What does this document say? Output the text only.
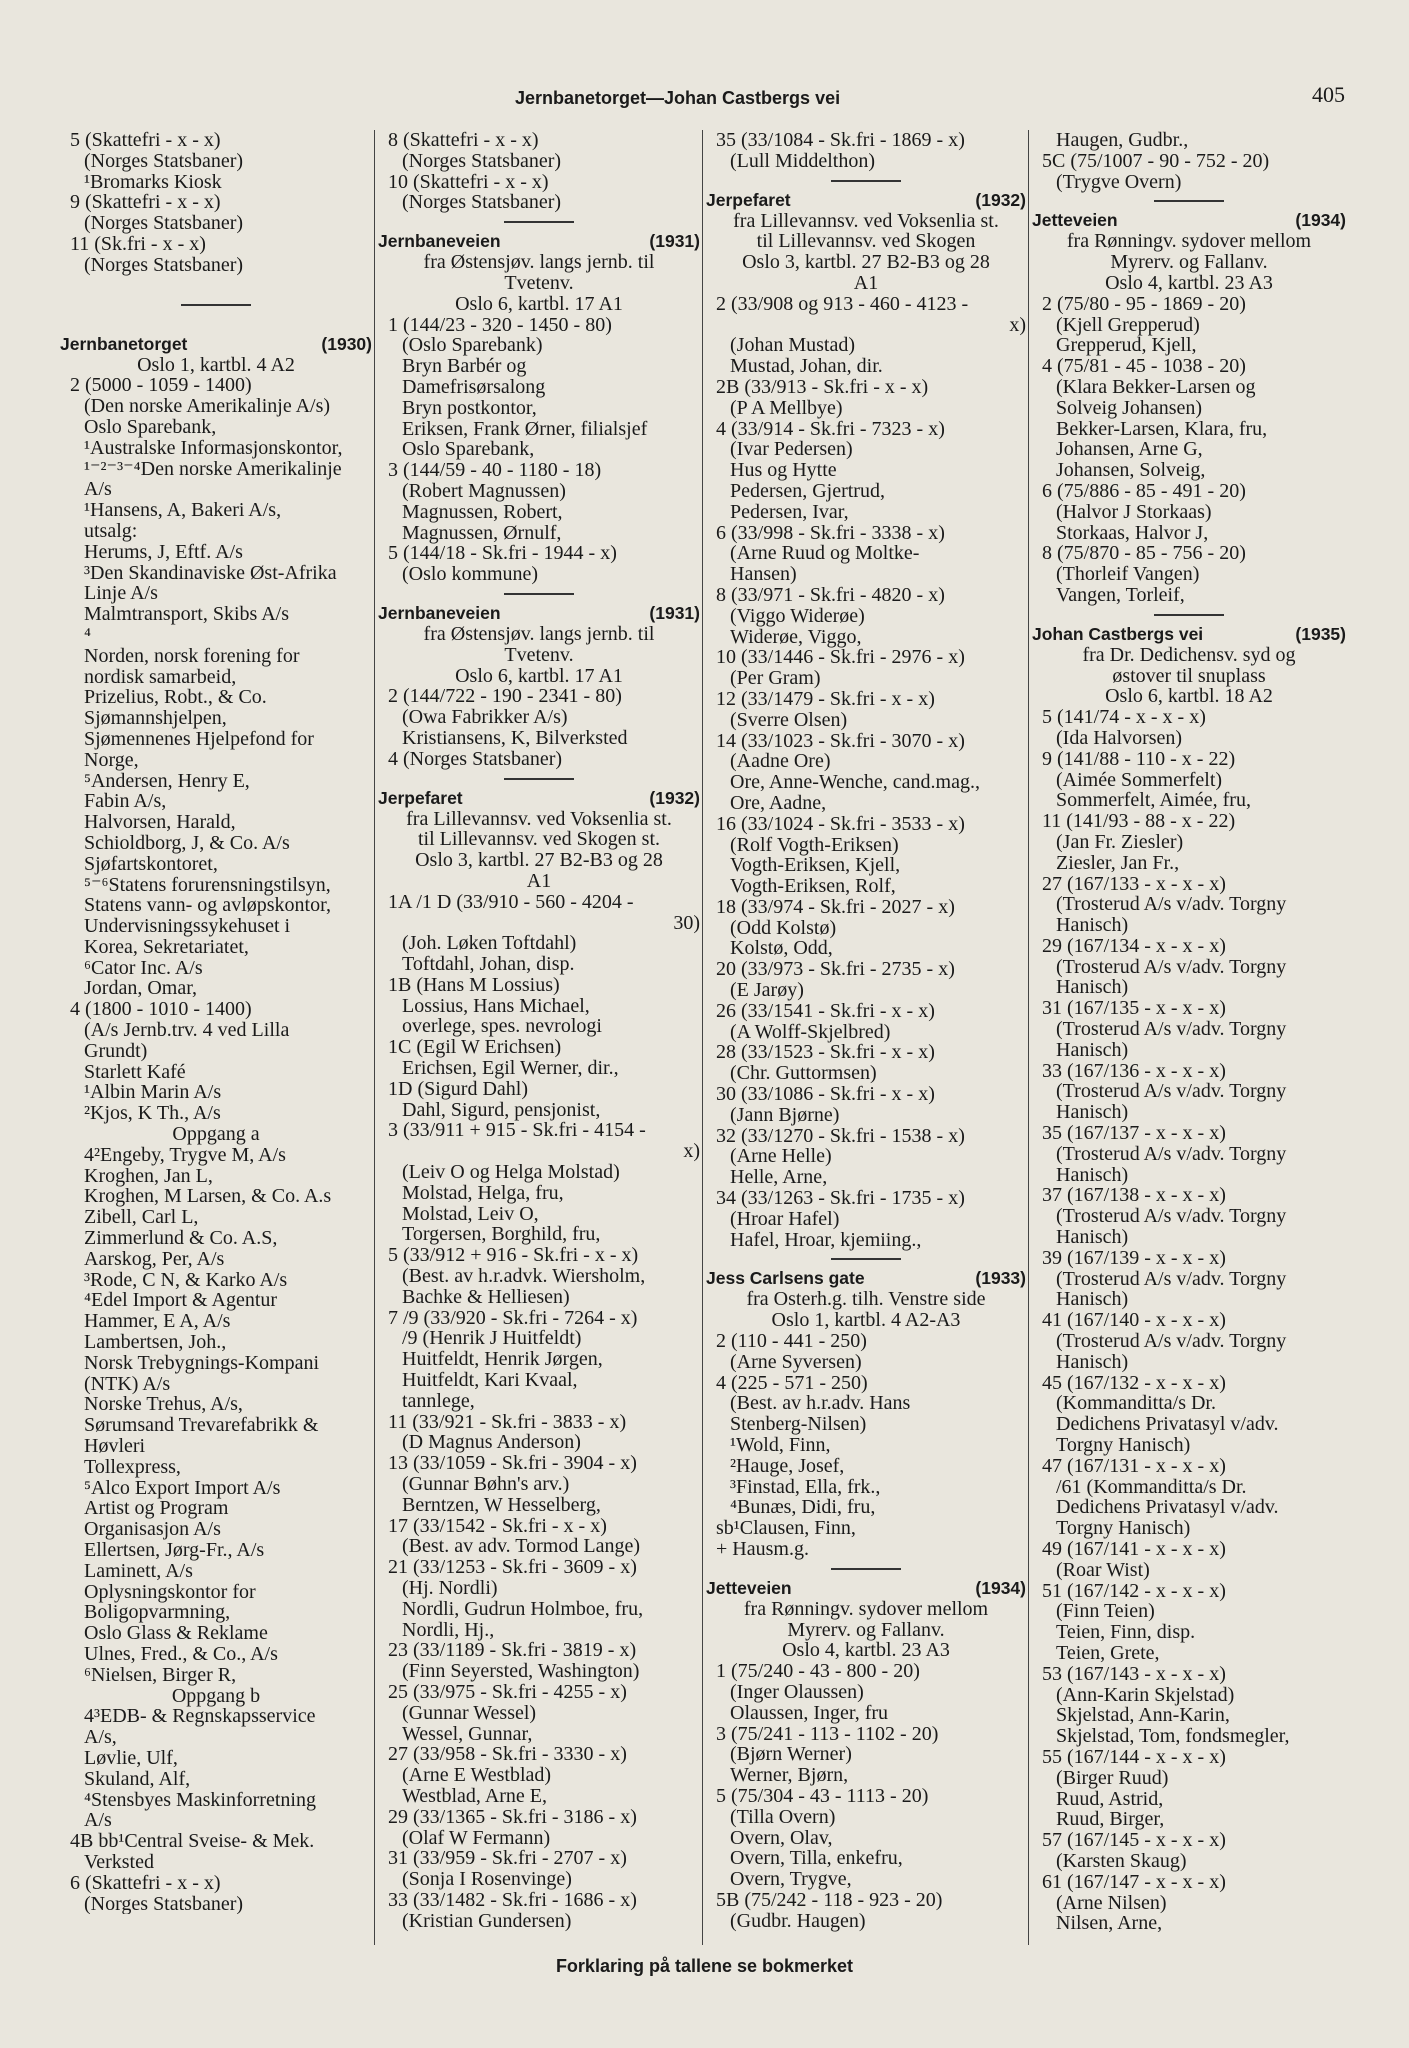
Jernbanetorget—Johan Castbergs vei	405
5 (Skattefri - x - x)
(Norges Statsbaner)
¹Bromarks Kiosk
9 (Skattefri - x - x)
(Norges Statsbaner)
11 (Sk.fri - x - x)
(Norges Statsbaner)
Jernbanetorget	(1930)
Oslo 1, kartbl. 4 A2
2 (5000 - 1059 - 1400)
(Den norske Amerikalinje A/s)
Oslo Sparebank,
¹Australske Informasjonskontor,
¹⁻²⁻³⁻⁴Den norske Amerikalinje
A/s
¹Hansens, A, Bakeri A/s,
utsalg:
Herums, J, Eftf. A/s
³Den Skandinaviske Øst-Afrika
Linje A/s
Malmtransport, Skibs A/s
⁴
Norden, norsk forening for
nordisk samarbeid,
Prizelius, Robt., & Co.
Sjømannshjelpen,
Sjømennenes Hjelpefond for
Norge,
⁵Andersen, Henry E,
Fabin A/s,
Halvorsen, Harald,
Schioldborg, J, & Co. A/s
Sjøfartskontoret,
⁵⁻⁶Statens forurensningstilsyn,
Statens vann- og avløpskontor,
Undervisningssykehuset i
Korea, Sekretariatet,
⁶Cator Inc. A/s
Jordan, Omar,
4 (1800 - 1010 - 1400)
(A/s Jernb.trv. 4 ved Lilla
Grundt)
Starlett Kafé
¹Albin Marin A/s
²Kjos, K Th., A/s
Oppgang a
4²Engeby, Trygve M, A/s
Kroghen, Jan L,
Kroghen, M Larsen, & Co. A.s
Zibell, Carl L,
Zimmerlund & Co. A.S,
Aarskog, Per, A/s
³Rode, C N, & Karko A/s
⁴Edel Import & Agentur
Hammer, E A, A/s
Lambertsen, Joh.,
Norsk Trebygnings-Kompani
(NTK) A/s
Norske Trehus, A/s,
Sørumsand Trevarefabrikk &
Høvleri
Tollexpress,
⁵Alco Export Import A/s
Artist og Program
Organisasjon A/s
Ellertsen, Jørg-Fr., A/s
Laminett, A/s
Oplysningskontor for
Boligopvarmning,
Oslo Glass & Reklame
Ulnes, Fred., & Co., A/s
⁶Nielsen, Birger R,
Oppgang b
4³EDB- & Regnskapsservice
A/s,
Løvlie, Ulf,
Skuland, Alf,
⁴Stensbyes Maskinforretning
A/s
4B bb¹Central Sveise- & Mek.
Verksted
6 (Skattefri - x - x)
(Norges Statsbaner)
8 (Skattefri - x - x)
(Norges Statsbaner)
10 (Skattefri - x - x)
(Norges Statsbaner)
Jernbaneveien	(1931)
fra Østensjøv. langs jernb. til
Tvetenv.
Oslo 6, kartbl. 17 A1
1 (144/23 - 320 - 1450 - 80)
(Oslo Sparebank)
Bryn Barbér og
Damefrisørsalong
Bryn postkontor,
Eriksen, Frank Ørner, filialsjef
Oslo Sparebank,
3 (144/59 - 40 - 1180 - 18)
(Robert Magnussen)
Magnussen, Robert,
Magnussen, Ørnulf,
5 (144/18 - Sk.fri - 1944 - x)
(Oslo kommune)
Jernbaneveien	(1931)
fra Østensjøv. langs jernb. til
Tvetenv.
Oslo 6, kartbl. 17 A1
2 (144/722 - 190 - 2341 - 80)
(Owa Fabrikker A/s)
Kristiansens, K, Bilverksted
4 (Norges Statsbaner)
Jerpefaret	(1932)
fra Lillevannsv. ved Voksenlia st.
til Lillevannsv. ved Skogen st.
Oslo 3, kartbl. 27 B2-B3 og 28
A1
1A /1 D (33/910 - 560 - 4204 -
30)
(Joh. Løken Toftdahl)
Toftdahl, Johan, disp.
1B (Hans M Lossius)
Lossius, Hans Michael,
overlege, spes. nevrologi
1C (Egil W Erichsen)
Erichsen, Egil Werner, dir.,
1D (Sigurd Dahl)
Dahl, Sigurd, pensjonist,
3 (33/911 + 915 - Sk.fri - 4154 -
x)
(Leiv O og Helga Molstad)
Molstad, Helga, fru,
Molstad, Leiv O,
Torgersen, Borghild, fru,
5 (33/912 + 916 - Sk.fri - x - x)
(Best. av h.r.advk. Wiersholm,
Bachke & Helliesen)
7 /9 (33/920 - Sk.fri - 7264 - x)
/9 (Henrik J Huitfeldt)
Huitfeldt, Henrik Jørgen,
Huitfeldt, Kari Kvaal,
tannlege,
11 (33/921 - Sk.fri - 3833 - x)
(D Magnus Anderson)
13 (33/1059 - Sk.fri - 3904 - x)
(Gunnar Bøhn's arv.)
Berntzen, W Hesselberg,
17 (33/1542 - Sk.fri - x - x)
(Best. av adv. Tormod Lange)
21 (33/1253 - Sk.fri - 3609 - x)
(Hj. Nordli)
Nordli, Gudrun Holmboe, fru,
Nordli, Hj.,
23 (33/1189 - Sk.fri - 3819 - x)
(Finn Seyersted, Washington)
25 (33/975 - Sk.fri - 4255 - x)
(Gunnar Wessel)
Wessel, Gunnar,
27 (33/958 - Sk.fri - 3330 - x)
(Arne E Westblad)
Westblad, Arne E,
29 (33/1365 - Sk.fri - 3186 - x)
(Olaf W Fermann)
31 (33/959 - Sk.fri - 2707 - x)
(Sonja I Rosenvinge)
33 (33/1482 - Sk.fri - 1686 - x)
(Kristian Gundersen)
35 (33/1084 - Sk.fri - 1869 - x)
(Lull Middelthon)
Jerpefaret	(1932)
fra Lillevannsv. ved Voksenlia st.
til Lillevannsv. ved Skogen
Oslo 3, kartbl. 27 B2-B3 og 28
A1
2 (33/908 og 913 - 460 - 4123 -
x)
(Johan Mustad)
Mustad, Johan, dir.
2B (33/913 - Sk.fri - x - x)
(P A Mellbye)
4 (33/914 - Sk.fri - 7323 - x)
(Ivar Pedersen)
Hus og Hytte
Pedersen, Gjertrud,
Pedersen, Ivar,
6 (33/998 - Sk.fri - 3338 - x)
(Arne Ruud og Moltke-
Hansen)
8 (33/971 - Sk.fri - 4820 - x)
(Viggo Widerøe)
Widerøe, Viggo,
10 (33/1446 - Sk.fri - 2976 - x)
(Per Gram)
12 (33/1479 - Sk.fri - x - x)
(Sverre Olsen)
14 (33/1023 - Sk.fri - 3070 - x)
(Aadne Ore)
Ore, Anne-Wenche, cand.mag.,
Ore, Aadne,
16 (33/1024 - Sk.fri - 3533 - x)
(Rolf Vogth-Eriksen)
Vogth-Eriksen, Kjell,
Vogth-Eriksen, Rolf,
18 (33/974 - Sk.fri - 2027 - x)
(Odd Kolstø)
Kolstø, Odd,
20 (33/973 - Sk.fri - 2735 - x)
(E Jarøy)
26 (33/1541 - Sk.fri - x - x)
(A Wolff-Skjelbred)
28 (33/1523 - Sk.fri - x - x)
(Chr. Guttormsen)
30 (33/1086 - Sk.fri - x - x)
(Jann Bjørne)
32 (33/1270 - Sk.fri - 1538 - x)
(Arne Helle)
Helle, Arne,
34 (33/1263 - Sk.fri - 1735 - x)
(Hroar Hafel)
Hafel, Hroar, kjemiing.,
Jess Carlsens gate	(1933)
fra Osterh.g. tilh. Venstre side
Oslo 1, kartbl. 4 A2-A3
2 (110 - 441 - 250)
(Arne Syversen)
4 (225 - 571 - 250)
(Best. av h.r.adv. Hans
Stenberg-Nilsen)
¹Wold, Finn,
²Hauge, Josef,
³Finstad, Ella, frk.,
⁴Bunæs, Didi, fru,
sb¹Clausen, Finn,
+ Hausm.g.
Jetteveien	(1934)
fra Rønningv. sydover mellom
Myrerv. og Fallanv.
Oslo 4, kartbl. 23 A3
1 (75/240 - 43 - 800 - 20)
(Inger Olaussen)
Olaussen, Inger, fru
3 (75/241 - 113 - 1102 - 20)
(Bjørn Werner)
Werner, Bjørn,
5 (75/304 - 43 - 1113 - 20)
(Tilla Overn)
Overn, Olav,
Overn, Tilla, enkefru,
Overn, Trygve,
5B (75/242 - 118 - 923 - 20)
(Gudbr. Haugen)
Haugen, Gudbr.,
5C (75/1007 - 90 - 752 - 20)
(Trygve Overn)
Jetteveien	(1934)
fra Rønningv. sydover mellom
Myrerv. og Fallanv.
Oslo 4, kartbl. 23 A3
2 (75/80 - 95 - 1869 - 20)
(Kjell Grepperud)
Grepperud, Kjell,
4 (75/81 - 45 - 1038 - 20)
(Klara Bekker-Larsen og
Solveig Johansen)
Bekker-Larsen, Klara, fru,
Johansen, Arne G,
Johansen, Solveig,
6 (75/886 - 85 - 491 - 20)
(Halvor J Storkaas)
Storkaas, Halvor J,
8 (75/870 - 85 - 756 - 20)
(Thorleif Vangen)
Vangen, Torleif,
Johan Castbergs vei	(1935)
fra Dr. Dedichensv. syd og
østover til snuplass
Oslo 6, kartbl. 18 A2
5 (141/74 - x - x - x)
(Ida Halvorsen)
9 (141/88 - 110 - x - 22)
(Aimée Sommerfelt)
Sommerfelt, Aimée, fru,
11 (141/93 - 88 - x - 22)
(Jan Fr. Ziesler)
Ziesler, Jan Fr.,
27 (167/133 - x - x - x)
(Trosterud A/s v/adv. Torgny
Hanisch)
29 (167/134 - x - x - x)
(Trosterud A/s v/adv. Torgny
Hanisch)
31 (167/135 - x - x - x)
(Trosterud A/s v/adv. Torgny
Hanisch)
33 (167/136 - x - x - x)
(Trosterud A/s v/adv. Torgny
Hanisch)
35 (167/137 - x - x - x)
(Trosterud A/s v/adv. Torgny
Hanisch)
37 (167/138 - x - x - x)
(Trosterud A/s v/adv. Torgny
Hanisch)
39 (167/139 - x - x - x)
(Trosterud A/s v/adv. Torgny
Hanisch)
41 (167/140 - x - x - x)
(Trosterud A/s v/adv. Torgny
Hanisch)
45 (167/132 - x - x - x)
(Kommanditta/s Dr.
Dedichens Privatasyl v/adv.
Torgny Hanisch)
47 (167/131 - x - x - x)
/61 (Kommanditta/s Dr.
Dedichens Privatasyl v/adv.
Torgny Hanisch)
49 (167/141 - x - x - x)
(Roar Wist)
51 (167/142 - x - x - x)
(Finn Teien)
Teien, Finn, disp.
Teien, Grete,
53 (167/143 - x - x - x)
(Ann-Karin Skjelstad)
Skjelstad, Ann-Karin,
Skjelstad, Tom, fondsmegler,
55 (167/144 - x - x - x)
(Birger Ruud)
Ruud, Astrid,
Ruud, Birger,
57 (167/145 - x - x - x)
(Karsten Skaug)
61 (167/147 - x - x - x)
(Arne Nilsen)
Nilsen, Arne,
Forklaring på tallene se bokmerket
